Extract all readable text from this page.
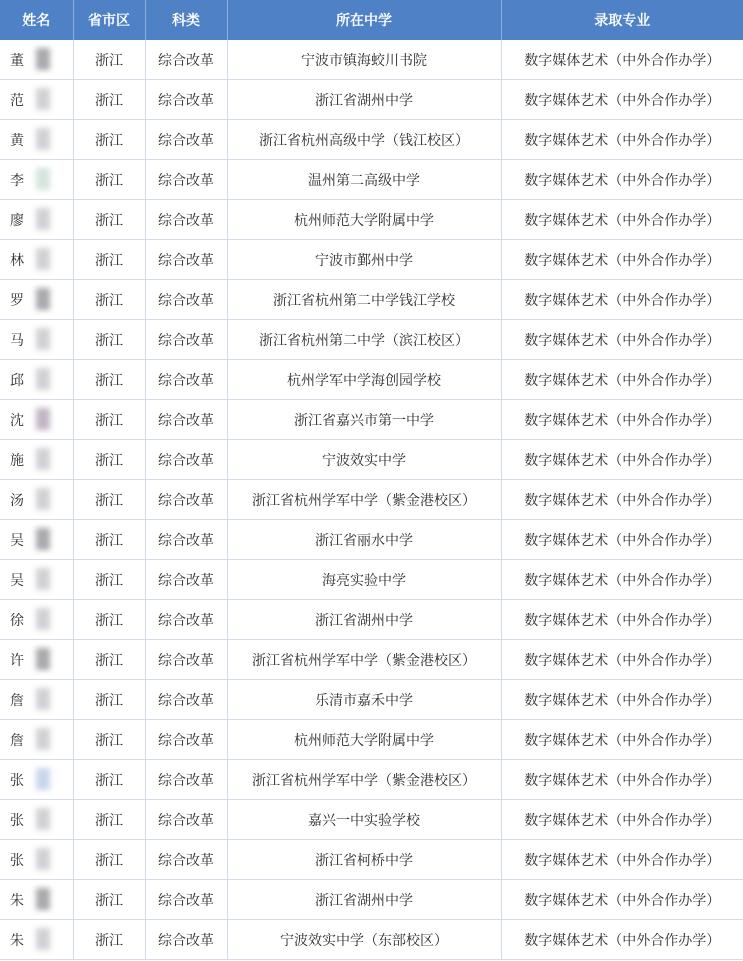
姓名	省市区	科类	所在中学	录取专业
董	浙江	综合改革	宁波市镇海蛟川书院	数字媒体艺术（中外合作办学）
范	浙江	综合改革	浙江省湖州中学	数字媒体艺术（中外合作办学）
黄	浙江	综合改革	浙江省杭州高级中学（钱江校区）	数字媒体艺术（中外合作办学）
李	浙江	综合改革	温州第二高级中学	数字媒体艺术（中外合作办学）
廖	浙江	综合改革	杭州师范大学附属中学	数字媒体艺术（中外合作办学）
林	浙江	综合改革	宁波市鄞州中学	数字媒体艺术（中外合作办学）
罗	浙江	综合改革	浙江省杭州第二中学钱江学校	数字媒体艺术（中外合作办学）
马	浙江	综合改革	浙江省杭州第二中学（滨江校区）	数字媒体艺术（中外合作办学）
邱	浙江	综合改革	杭州学军中学海创园学校	数字媒体艺术（中外合作办学）
沈	浙江	综合改革	浙江省嘉兴市第一中学	数字媒体艺术（中外合作办学）
施	浙江	综合改革	宁波效实中学	数字媒体艺术（中外合作办学）
汤	浙江	综合改革	浙江省杭州学军中学（紫金港校区）	数字媒体艺术（中外合作办学）
吴	浙江	综合改革	浙江省丽水中学	数字媒体艺术（中外合作办学）
吴	浙江	综合改革	海亮实验中学	数字媒体艺术（中外合作办学）
徐	浙江	综合改革	浙江省湖州中学	数字媒体艺术（中外合作办学）
许	浙江	综合改革	浙江省杭州学军中学（紫金港校区）	数字媒体艺术（中外合作办学）
詹	浙江	综合改革	乐清市嘉禾中学	数字媒体艺术（中外合作办学）
詹	浙江	综合改革	杭州师范大学附属中学	数字媒体艺术（中外合作办学）
张	浙江	综合改革	浙江省杭州学军中学（紫金港校区）	数字媒体艺术（中外合作办学）
张	浙江	综合改革	嘉兴一中实验学校	数字媒体艺术（中外合作办学）
张	浙江	综合改革	浙江省柯桥中学	数字媒体艺术（中外合作办学）
朱	浙江	综合改革	浙江省湖州中学	数字媒体艺术（中外合作办学）
朱	浙江	综合改革	宁波效实中学（东部校区）	数字媒体艺术（中外合作办学）
